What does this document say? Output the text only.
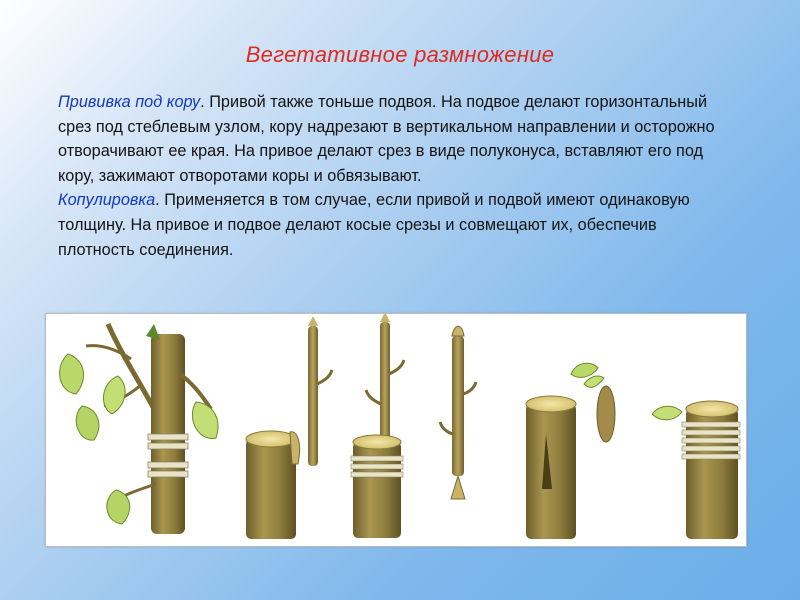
Вегетативное размножение
Прививка под кору. Привой также тоньше подвоя. На подвое делают горизонтальный срез под стеблевым узлом, кору надрезают в вертикальном направлении и осторожно отворачивают ее края. На привое делают срез в виде полуконуса, вставляют его под кору, зажимают отворотами коры и обвязывают.
Копулировка. Применяется в том случае, если привой и подвой имеют одинаковую толщину. На привое и подвое делают косые срезы и совмещают их, обеспечив плотность соединения.
